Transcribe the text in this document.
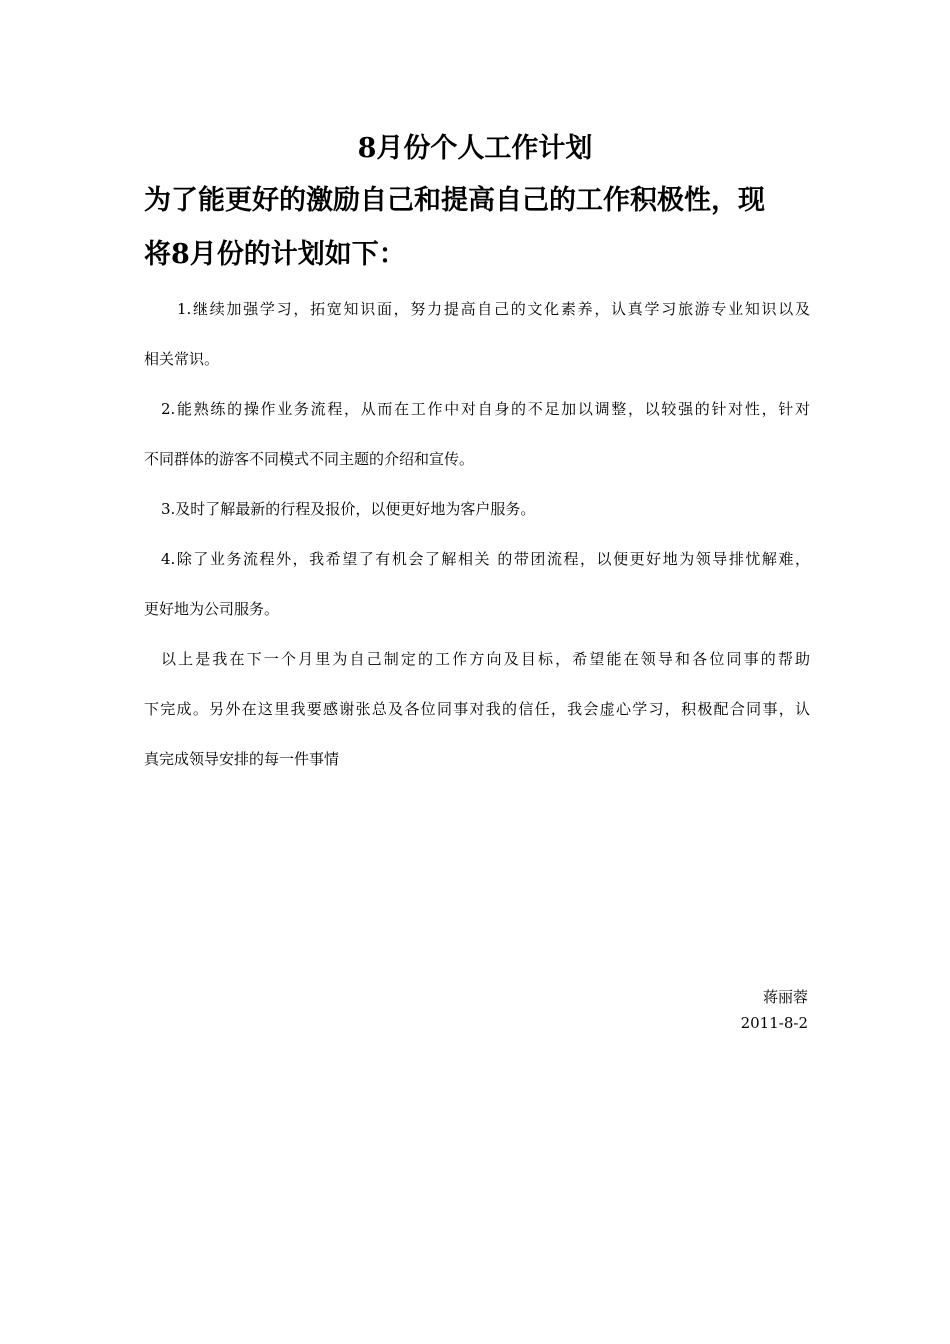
8月份个人工作计划
为了能更好的激励自己和提高自己的工作积极性，现
将8月份的计划如下：

1.继续加强学习，拓宽知识面，努力提高自己的文化素养，认真学习旅游专业知识以及
相关常识。

2.能熟练的操作业务流程，从而在工作中对自身的不足加以调整，以较强的针对性，针对
不同群体的游客不同模式不同主题的介绍和宣传。

3.及时了解最新的行程及报价，以便更好地为客户服务。

4.除了业务流程外，我希望了有机会了解相关 的带团流程，以便更好地为领导排忧解难，
更好地为公司服务。

以上是我在下一个月里为自己制定的工作方向及目标，希望能在领导和各位同事的帮助
下完成。另外在这里我要感谢张总及各位同事对我的信任，我会虚心学习，积极配合同事，认
真完成领导安排的每一件事情

蒋丽蓉
2011-8-2
